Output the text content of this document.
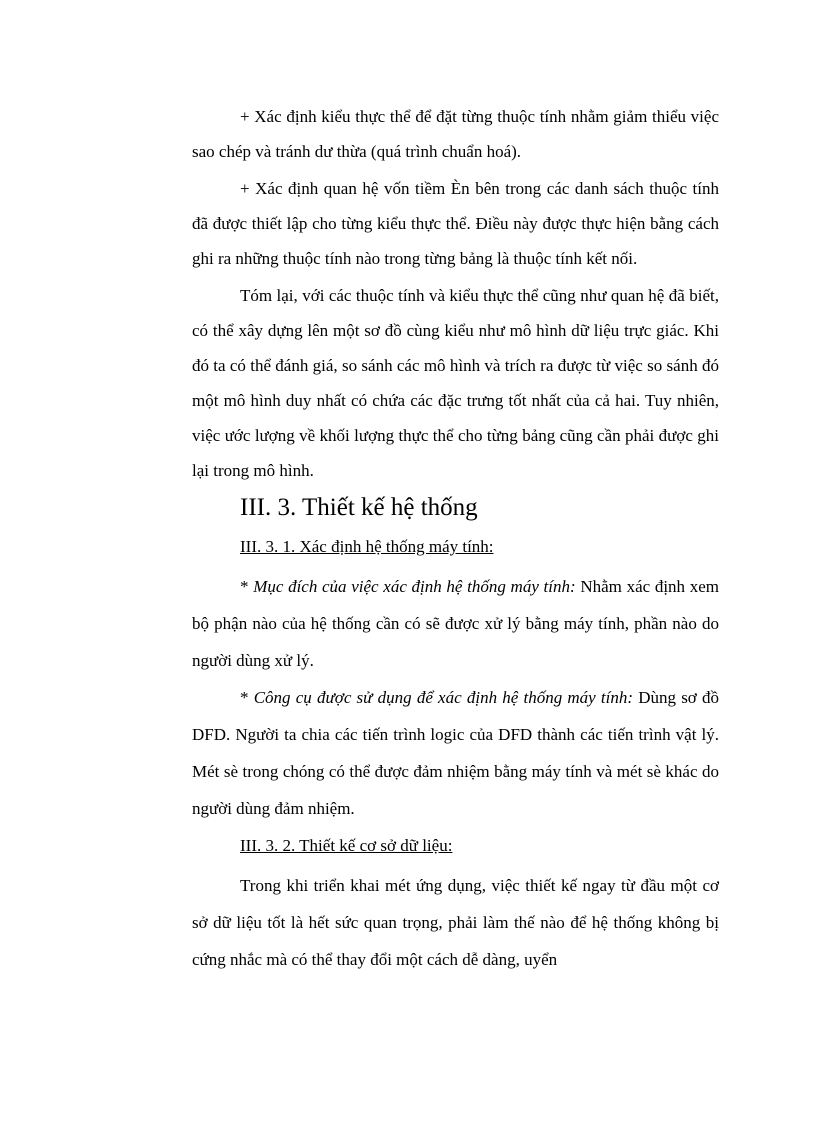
+ Xác định kiểu thực thể để đặt từng thuộc tính nhằm giảm thiểu việc sao chép và tránh dư thừa (quá trình chuẩn hoá).

+ Xác định quan hệ vốn tiềm Èn bên trong các danh sách thuộc tính đã được thiết lập cho từng kiểu thực thể. Điều này được thực hiện bằng cách ghi ra những thuộc tính nào trong từng bảng là thuộc tính kết nối.

Tóm lại, với các thuộc tính và kiểu thực thể cũng như quan hệ đã biết, có thể xây dựng lên một sơ đồ cùng kiểu như mô hình dữ liệu trực giác. Khi đó ta có thể đánh giá, so sánh các mô hình và trích ra được từ việc so sánh đó một mô hình duy nhất có chứa các đặc trưng tốt nhất của cả hai. Tuy nhiên, việc ước lượng về khối lượng thực thể cho từng bảng cũng cần phải được ghi lại trong mô hình.

III. 3. Thiết kế hệ thống
III. 3. 1. Xác định hệ thống máy tính:

* Mục đích của việc xác định hệ thống máy tính: Nhằm xác định xem bộ phận nào của hệ thống cần có sẽ được xử lý bằng máy tính, phần nào do người dùng xử lý.

* Công cụ được sử dụng để xác định hệ thống máy tính: Dùng sơ đồ DFD. Người ta chia các tiến trình logic của DFD thành các tiến trình vật lý. Mét sè trong chóng có thể được đảm nhiệm bằng máy tính và mét sè khác do người dùng đảm nhiệm.

III. 3. 2. Thiết kế cơ sở dữ liệu:

Trong khi triển khai mét ứng dụng, việc thiết kế ngay từ đầu một cơ sở dữ liệu tốt là hết sức quan trọng, phải làm thế nào để hệ thống không bị cứng nhắc mà có thể thay đổi một cách dễ dàng, uyển
